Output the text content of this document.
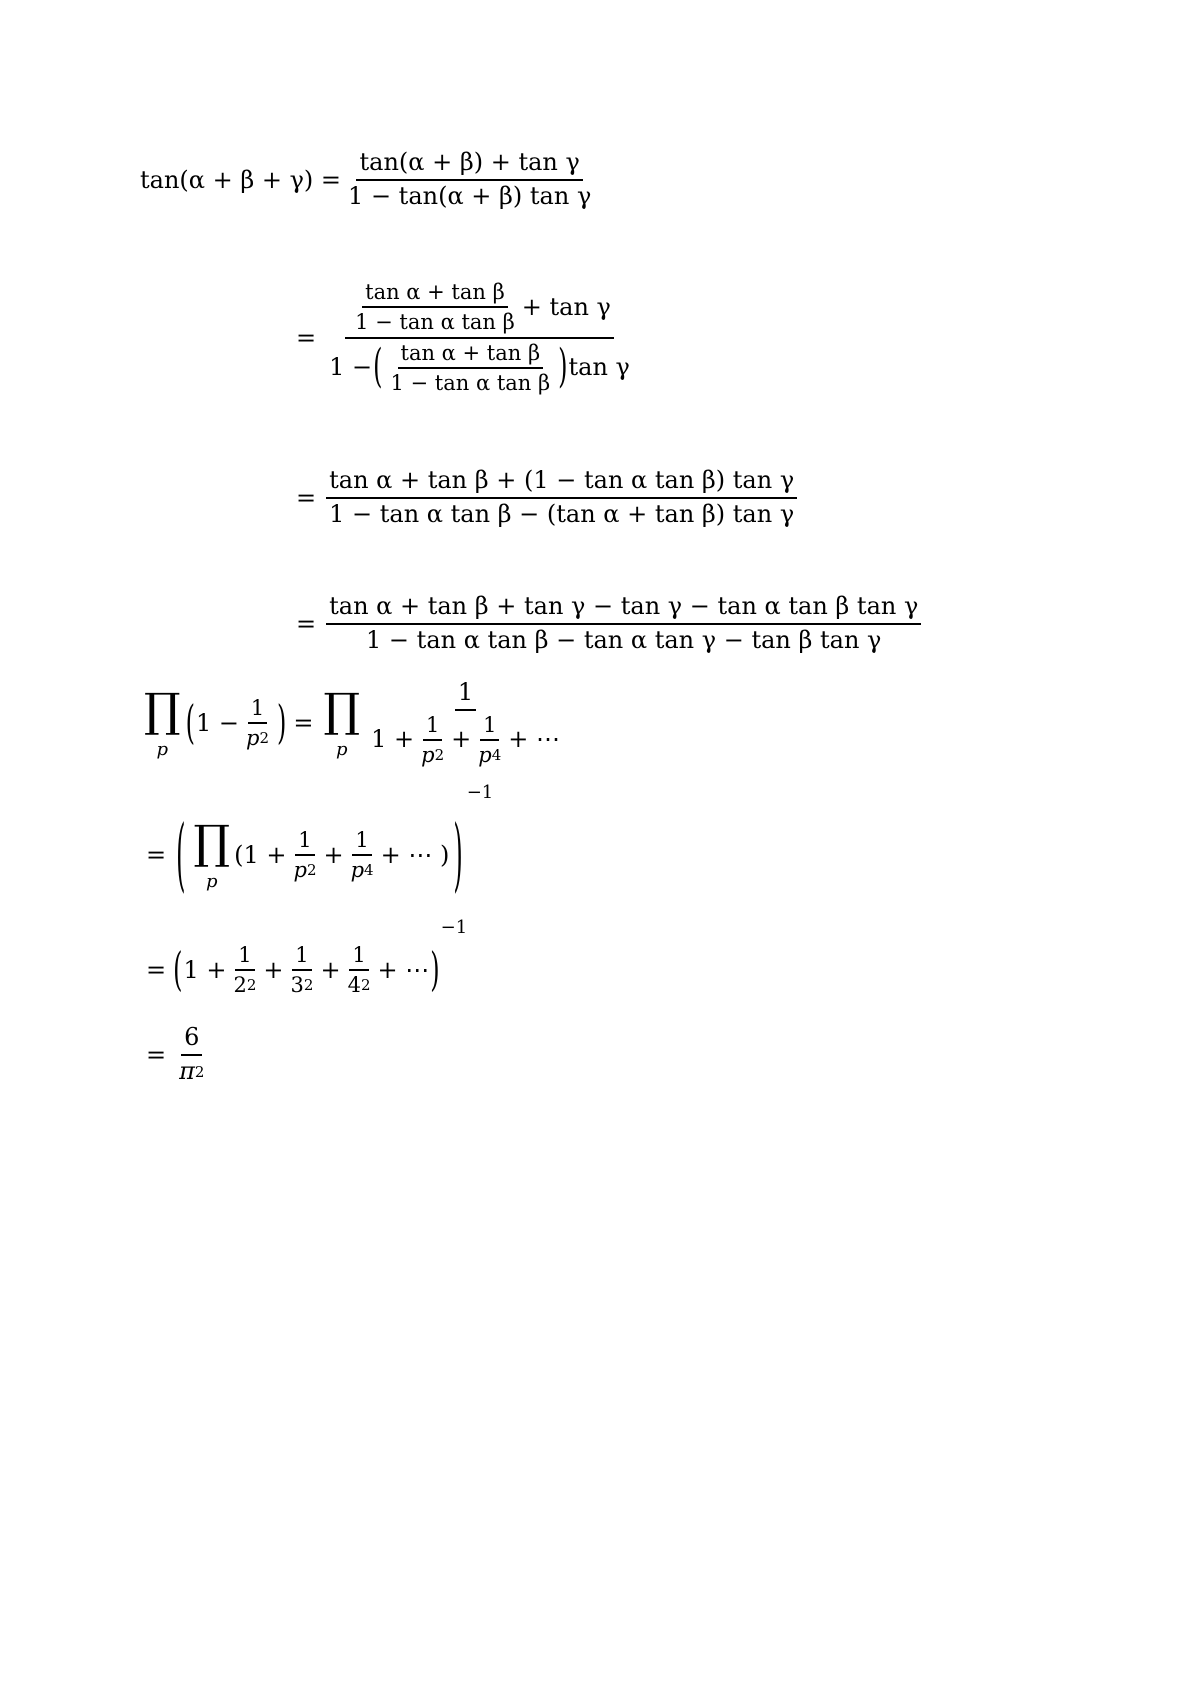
$\tan(\alpha + \beta + \gamma) = \frac{\text{tan(α + β) + tan γ}}{\text{1 − tan(α + β) tan γ}}$
=
$\frac{\text{tan α + tan β}}{\text{1 − tan α tan β}} + \tan \gamma$
1 − ( $\frac{\text{tan α + tan β}}{\text{1 − tan α tan β}}$ ) tan γ
= $\frac{\text{tan α + tan β + (1 − tan α tan β) tan γ}}{\text{1 − tan α tan β − (tan α + tan β) tan γ}}$
= $\frac{\text{tan α + tan β + tan γ − tan γ − tan α tan β tan γ}}{\text{1 − tan α tan β − tan α tan γ − tan β tan γ}}$
∏
p ( $1 - \frac{1}{p 2}$ ) = ∏
p
1
$1 + \frac{1}{p 2} + \frac{1}{p 4}$ + ⋯
= ( ∏
p
($1 + \frac{1}{p 2} + \frac{1}{p 4}$ + ⋯ ) )
−1
= ( $1 + \frac{1}{2 2} + \frac{1}{3 2} + \frac{1}{4 2}$ + ⋯ )
−1
= $\frac{6}{\pi 2}$
